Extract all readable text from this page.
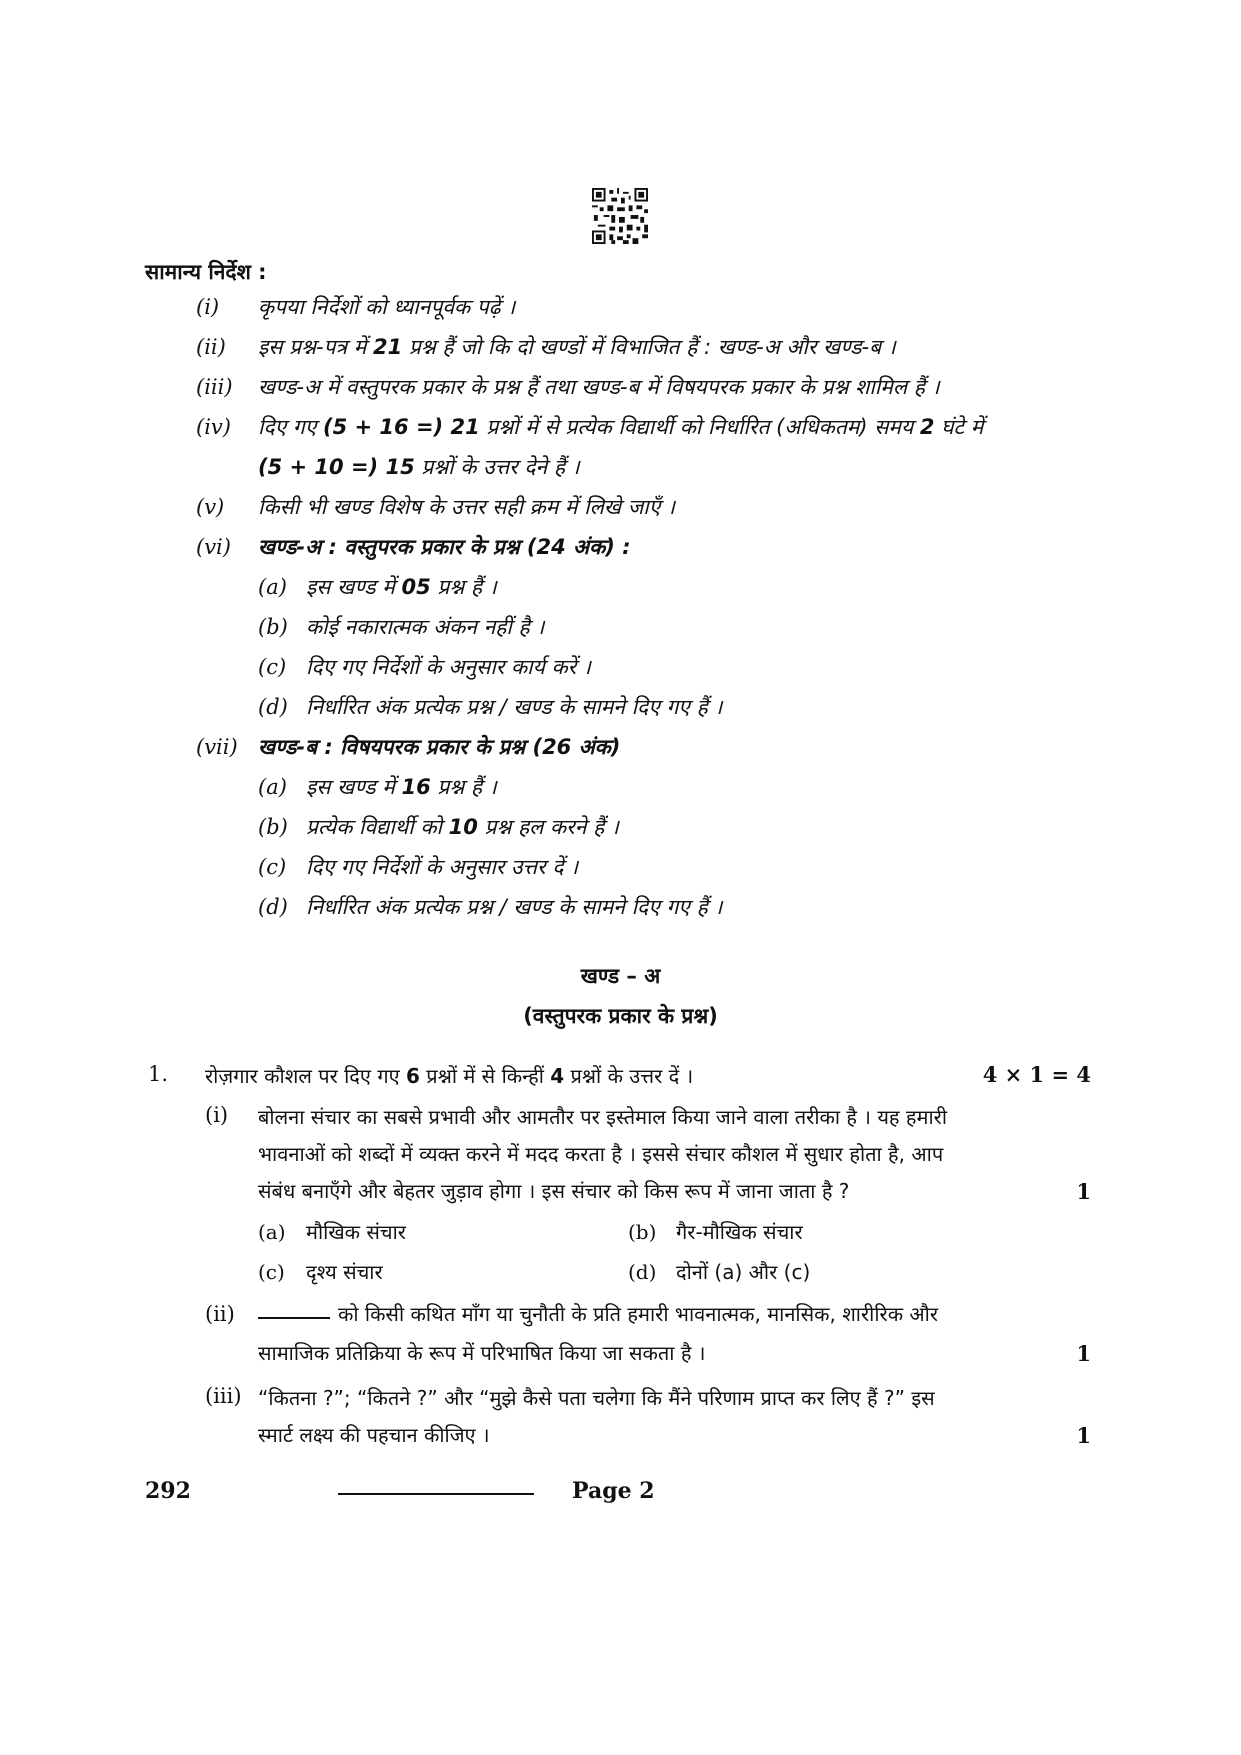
सामान्य निर्देश :
(i) कृपया निर्देशों को ध्यानपूर्वक पढ़ें ।
(ii) इस प्रश्न-पत्र में 21 प्रश्न हैं जो कि दो खण्डों में विभाजित हैं : खण्ड-अ और खण्ड-ब ।
(iii) खण्ड-अ में वस्तुपरक प्रकार के प्रश्न हैं तथा खण्ड-ब में विषयपरक प्रकार के प्रश्न शामिल हैं ।
(iv) दिए गए (5 + 16 =) 21 प्रश्नों में से प्रत्येक विद्यार्थी को निर्धारित (अधिकतम) समय 2 घंटे में
(5 + 10 =) 15 प्रश्नों के उत्तर देने हैं ।
(v) किसी भी खण्ड विशेष के उत्तर सही क्रम में लिखे जाएँ ।
(vi) खण्ड-अ : वस्तुपरक प्रकार के प्रश्न (24 अंक) :
(a) इस खण्ड में 05 प्रश्न हैं ।
(b) कोई नकारात्मक अंकन नहीं है ।
(c) दिए गए निर्देशों के अनुसार कार्य करें ।
(d) निर्धारित अंक प्रत्येक प्रश्न / खण्ड के सामने दिए गए हैं ।
(vii) खण्ड-ब : विषयपरक प्रकार के प्रश्न (26 अंक)
(a) इस खण्ड में 16 प्रश्न हैं ।
(b) प्रत्येक विद्यार्थी को 10 प्रश्न हल करने हैं ।
(c) दिए गए निर्देशों के अनुसार उत्तर दें ।
(d) निर्धारित अंक प्रत्येक प्रश्न / खण्ड के सामने दिए गए हैं ।
खण्ड – अ
(वस्तुपरक प्रकार के प्रश्न)
1. रोज़गार कौशल पर दिए गए 6 प्रश्नों में से किन्हीं 4 प्रश्नों के उत्तर दें ।	4 × 1 = 4
(i) बोलना संचार का सबसे प्रभावी और आमतौर पर इस्तेमाल किया जाने वाला तरीका है । यह हमारी
भावनाओं को शब्दों में व्यक्त करने में मदद करता है । इससे संचार कौशल में सुधार होता है, आप
संबंध बनाएँगे और बेहतर जुड़ाव होगा । इस संचार को किस रूप में जाना जाता है ?	1
(a) मौखिक संचार	(b) गैर-मौखिक संचार
(c) दृश्य संचार	(d) दोनों (a) और (c)
(ii)	को किसी कथित माँग या चुनौती के प्रति हमारी भावनात्मक, मानसिक, शारीरिक और
सामाजिक प्रतिक्रिया के रूप में परिभाषित किया जा सकता है ।	1
(iii) “कितना ?”; “कितने ?” और “मुझे कैसे पता चलेगा कि मैंने परिणाम प्राप्त कर लिए हैं ?” इस
स्मार्ट लक्ष्य की पहचान कीजिए ।	1
292	Page 2
